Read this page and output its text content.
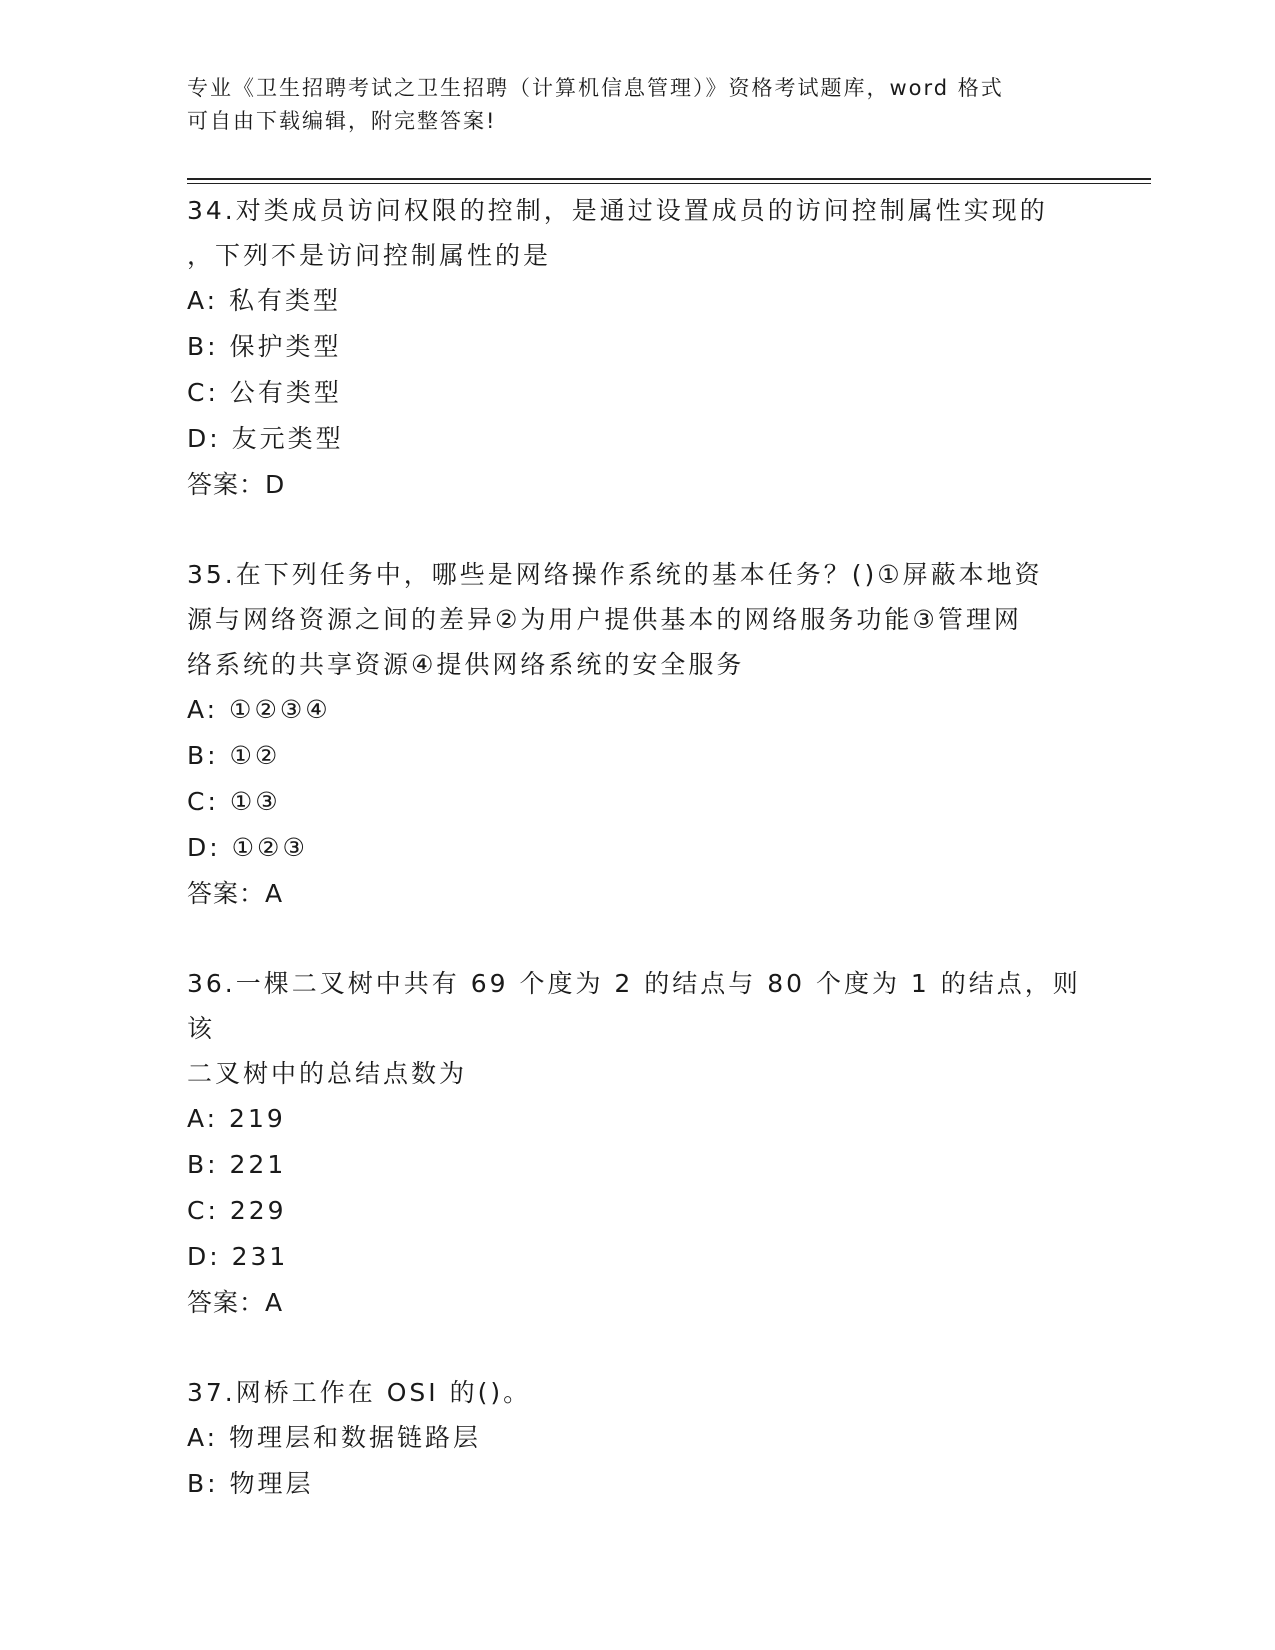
专业《卫生招聘考试之卫生招聘（计算机信息管理）》资格考试题库，word 格式
可自由下载编辑，附完整答案!
34.对类成员访问权限的控制，是通过设置成员的访问控制属性实现的
，下列不是访问控制属性的是
A: 私有类型
B: 保护类型
C: 公有类型
D: 友元类型
答案：D
35.在下列任务中，哪些是网络操作系统的基本任务？()①屏蔽本地资
源与网络资源之间的差异②为用户提供基本的网络服务功能③管理网
络系统的共享资源④提供网络系统的安全服务
A: ①②③④
B: ①②
C: ①③
D: ①②③
答案：A
36.一棵二叉树中共有 69 个度为 2 的结点与 80 个度为 1 的结点，则该
二叉树中的总结点数为
A: 219
B: 221
C: 229
D: 231
答案：A
37.网桥工作在 OSI 的()。
A: 物理层和数据链路层
B: 物理层
